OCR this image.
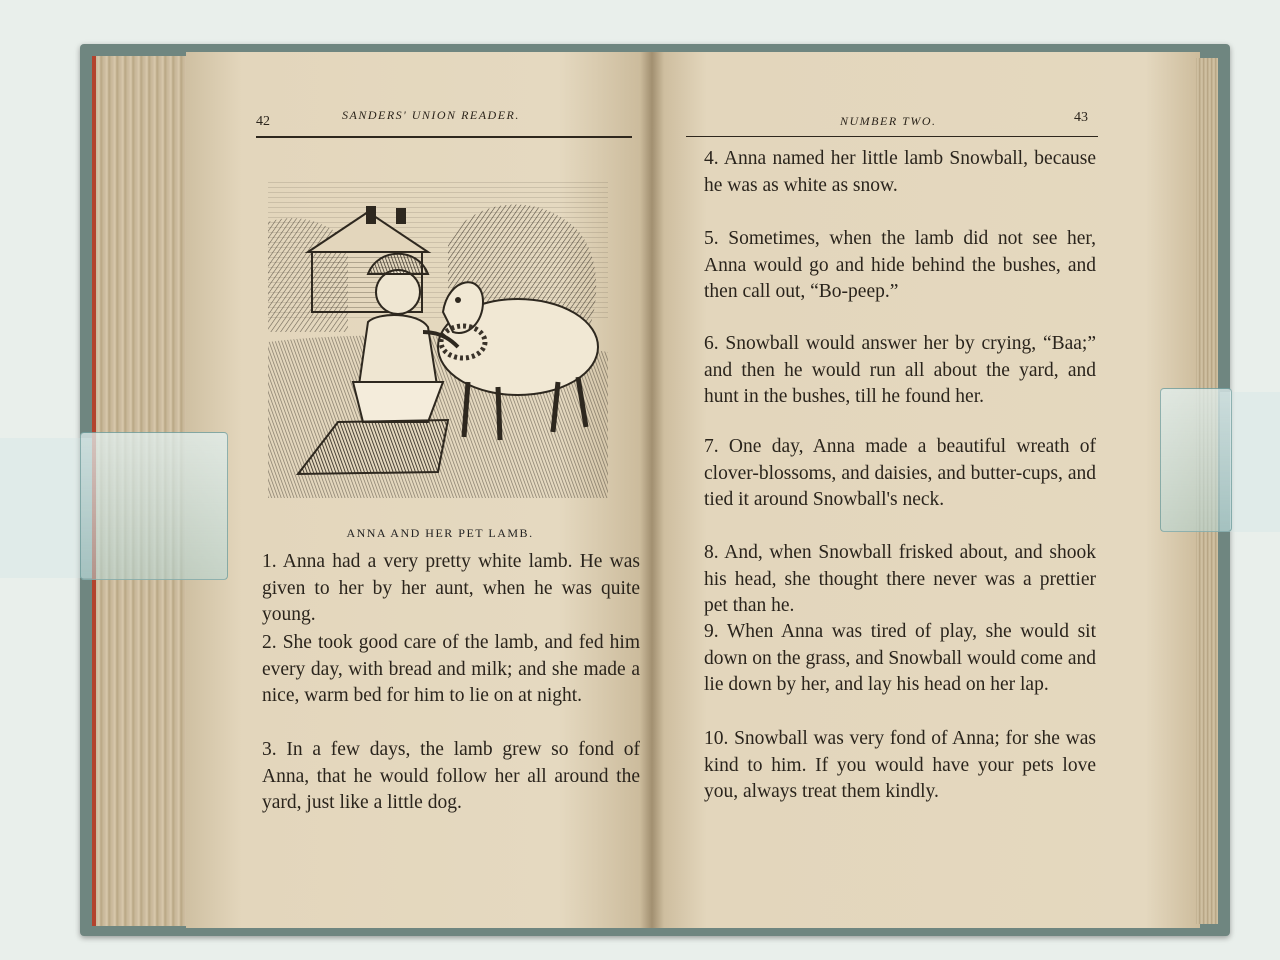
42	SANDERS' UNION READER.	NUMBER TWO.	43
ANNA AND HER PET LAMB.

1. Anna had a very pretty white lamb. He was given to her by her aunt, when he was quite young.

2. She took good care of the lamb, and fed him every day, with bread and milk; and she made a nice, warm bed for him to lie on at night.

3. In a few days, the lamb grew so fond of Anna, that he would follow her all around the yard, just like a little dog.

4. Anna named her little lamb Snowball, because he was as white as snow.

5. Sometimes, when the lamb did not see her, Anna would go and hide behind the bushes, and then call out, “Bo-peep.”

6. Snowball would answer her by crying, “Baa;” and then he would run all about the yard, and hunt in the bushes, till he found her.

7. One day, Anna made a beautiful wreath of clover-blossoms, and daisies, and butter-cups, and tied it around Snowball's neck.

8. And, when Snowball frisked about, and shook his head, she thought there never was a prettier pet than he.

9. When Anna was tired of play, she would sit down on the grass, and Snowball would come and lie down by her, and lay his head on her lap.

10. Snowball was very fond of Anna; for she was kind to him. If you would have your pets love you, always treat them kindly.
